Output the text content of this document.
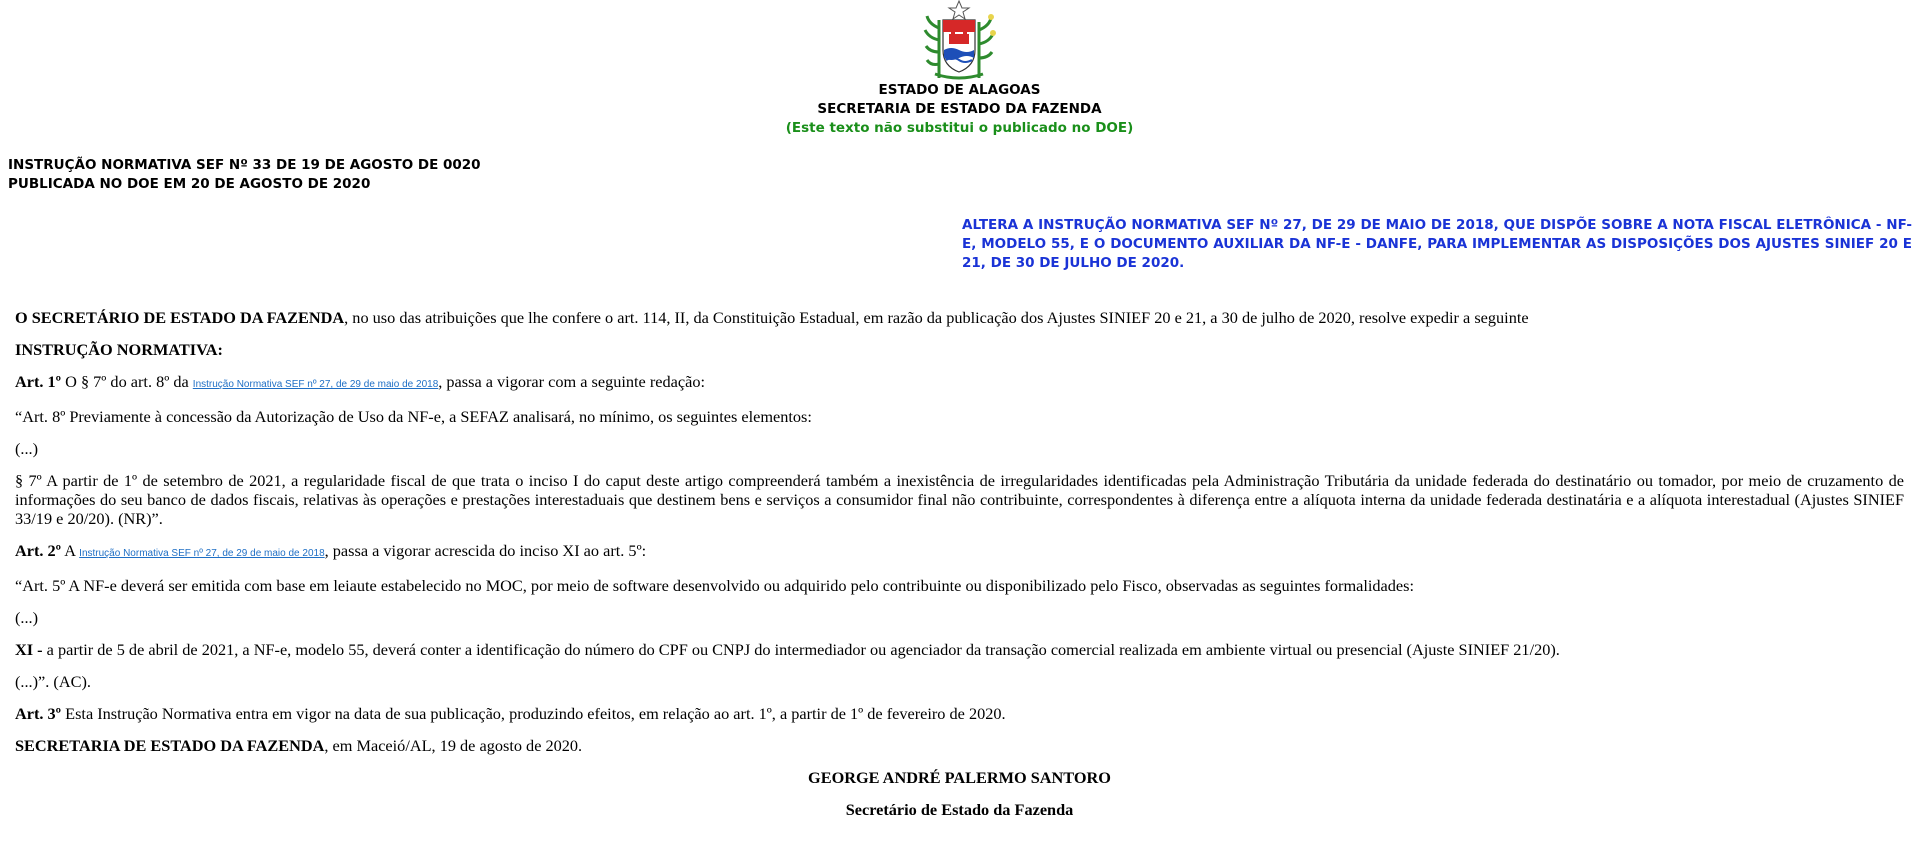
ESTADO DE ALAGOAS
SECRETARIA DE ESTADO DA FAZENDA
(Este texto não substitui o publicado no DOE)
INSTRUÇÃO NORMATIVA SEF Nº 33 DE 19 DE AGOSTO DE 0020
PUBLICADA NO DOE EM 20 DE AGOSTO DE 2020
ALTERA A INSTRUÇÃO NORMATIVA SEF Nº 27, DE 29 DE MAIO DE 2018, QUE DISPÕE SOBRE A NOTA FISCAL ELETRÔNICA - NF-E, MODELO 55, E O DOCUMENTO AUXILIAR DA NF-E - DANFE, PARA IMPLEMENTAR AS DISPOSIÇÕES DOS AJUSTES SINIEF 20 E 21, DE 30 DE JULHO DE 2020.

O SECRETÁRIO DE ESTADO DA FAZENDA, no uso das atribuições que lhe confere o art. 114, II, da Constituição Estadual, em razão da publicação dos Ajustes SINIEF 20 e 21, a 30 de julho de 2020, resolve expedir a seguinte

INSTRUÇÃO NORMATIVA:

Art. 1º O § 7º do art. 8º da Instrução Normativa SEF nº 27, de 29 de maio de 2018, passa a vigorar com a seguinte redação:

“Art. 8º Previamente à concessão da Autorização de Uso da NF-e, a SEFAZ analisará, no mínimo, os seguintes elementos:

(...)

§ 7º A partir de 1º de setembro de 2021, a regularidade fiscal de que trata o inciso I do caput deste artigo compreenderá também a inexistência de irregularidades identificadas pela Administração Tributária da unidade federada do destinatário ou tomador, por meio de cruzamento de informações do seu banco de dados fiscais, relativas às operações e prestações interestaduais que destinem bens e serviços a consumidor final não contribuinte, correspondentes à diferença entre a alíquota interna da unidade federada destinatária e a alíquota interestadual (Ajustes SINIEF 33/19 e 20/20). (NR)”.

Art. 2º A Instrução Normativa SEF nº 27, de 29 de maio de 2018, passa a vigorar acrescida do inciso XI ao art. 5º:

“Art. 5º A NF-e deverá ser emitida com base em leiaute estabelecido no MOC, por meio de software desenvolvido ou adquirido pelo contribuinte ou disponibilizado pelo Fisco, observadas as seguintes formalidades:

(...)

XI - a partir de 5 de abril de 2021, a NF-e, modelo 55, deverá conter a identificação do número do CPF ou CNPJ do intermediador ou agenciador da transação comercial realizada em ambiente virtual ou presencial (Ajuste SINIEF 21/20).

(...)”. (AC).

Art. 3º Esta Instrução Normativa entra em vigor na data de sua publicação, produzindo efeitos, em relação ao art. 1º, a partir de 1º de fevereiro de 2020.

SECRETARIA DE ESTADO DA FAZENDA, em Maceió/AL, 19 de agosto de 2020.

GEORGE ANDRÉ PALERMO SANTORO

Secretário de Estado da Fazenda
